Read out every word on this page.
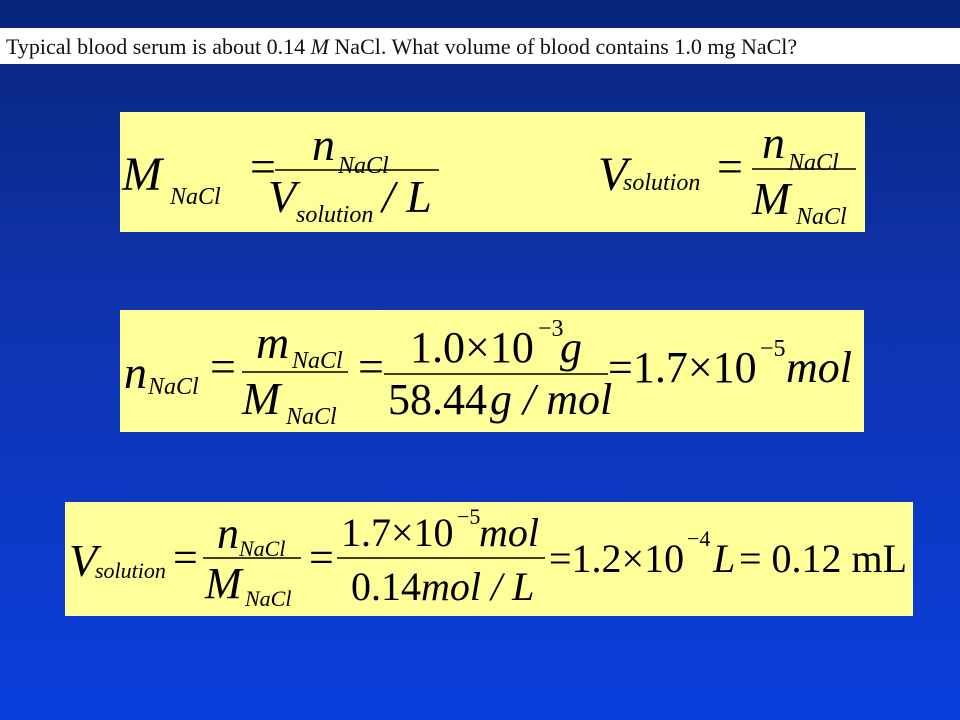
Typical blood serum is about 0.14 M NaCl. What volume of blood contains 1.0 mg NaCl?
M NaCl
= n NaCl
V solution / L	V
solution = n NaCl
M NaCl
n NaCl = m NaCl
M NaCl
= 1.0×10 −3
g
58.44 g / mol
=1.7×10 −5 mol
V
solution = n NaCl
M NaCl
=
1.7×10 −5
mol
0.14 mol / L
=1.2×10 −4 L = 0.12 mL
